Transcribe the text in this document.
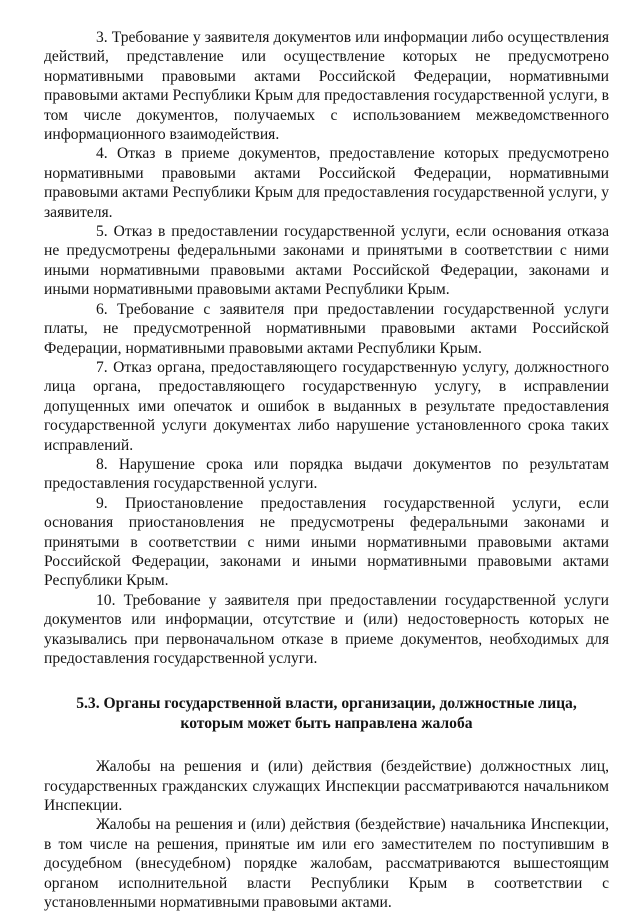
3. Требование у заявителя документов или информации либо осуществления действий, представление или осуществление которых не предусмотрено нормативными правовыми актами Российской Федерации, нормативными правовыми актами Республики Крым для предоставления государственной услуги, в том числе документов, получаемых с использованием межведомственного информационного взаимодействия.

4. Отказ в приеме документов, предоставление которых предусмотрено нормативными правовыми актами Российской Федерации, нормативными правовыми актами Республики Крым для предоставления государственной услуги, у заявителя.

5. Отказ в предоставлении государственной услуги, если основания отказа не предусмотрены федеральными законами и принятыми в соответствии с ними иными нормативными правовыми актами Российской Федерации, законами и иными нормативными правовыми актами Республики Крым.

6. Требование с заявителя при предоставлении государственной услуги платы, не предусмотренной нормативными правовыми актами Российской Федерации, нормативными правовыми актами Республики Крым.

7. Отказ органа, предоставляющего государственную услугу, должностного лица органа, предоставляющего государственную услугу, в исправлении допущенных ими опечаток и ошибок в выданных в результате предоставления государственной услуги документах либо нарушение установленного срока таких исправлений.

8. Нарушение срока или порядка выдачи документов по результатам предоставления государственной услуги.

9. Приостановление предоставления государственной услуги, если основания приостановления не предусмотрены федеральными законами и принятыми в соответствии с ними иными нормативными правовыми актами Российской Федерации, законами и иными нормативными правовыми актами Республики Крым.

10. Требование у заявителя при предоставлении государственной услуги документов или информации, отсутствие и (или) недостоверность которых не указывались при первоначальном отказе в приеме документов, необходимых для предоставления государственной услуги.

5.3. Органы государственной власти, организации, должностные лица,
которым может быть направлена жалоба

Жалобы на решения и (или) действия (бездействие) должностных лиц, государственных гражданских служащих Инспекции рассматриваются начальником Инспекции.

Жалобы на решения и (или) действия (бездействие) начальника Инспекции, в том числе на решения, принятые им или его заместителем по поступившим в досудебном (внесудебном) порядке жалобам, рассматриваются вышестоящим органом исполнительной власти Республики Крым в соответствии с установленными нормативными правовыми актами.
